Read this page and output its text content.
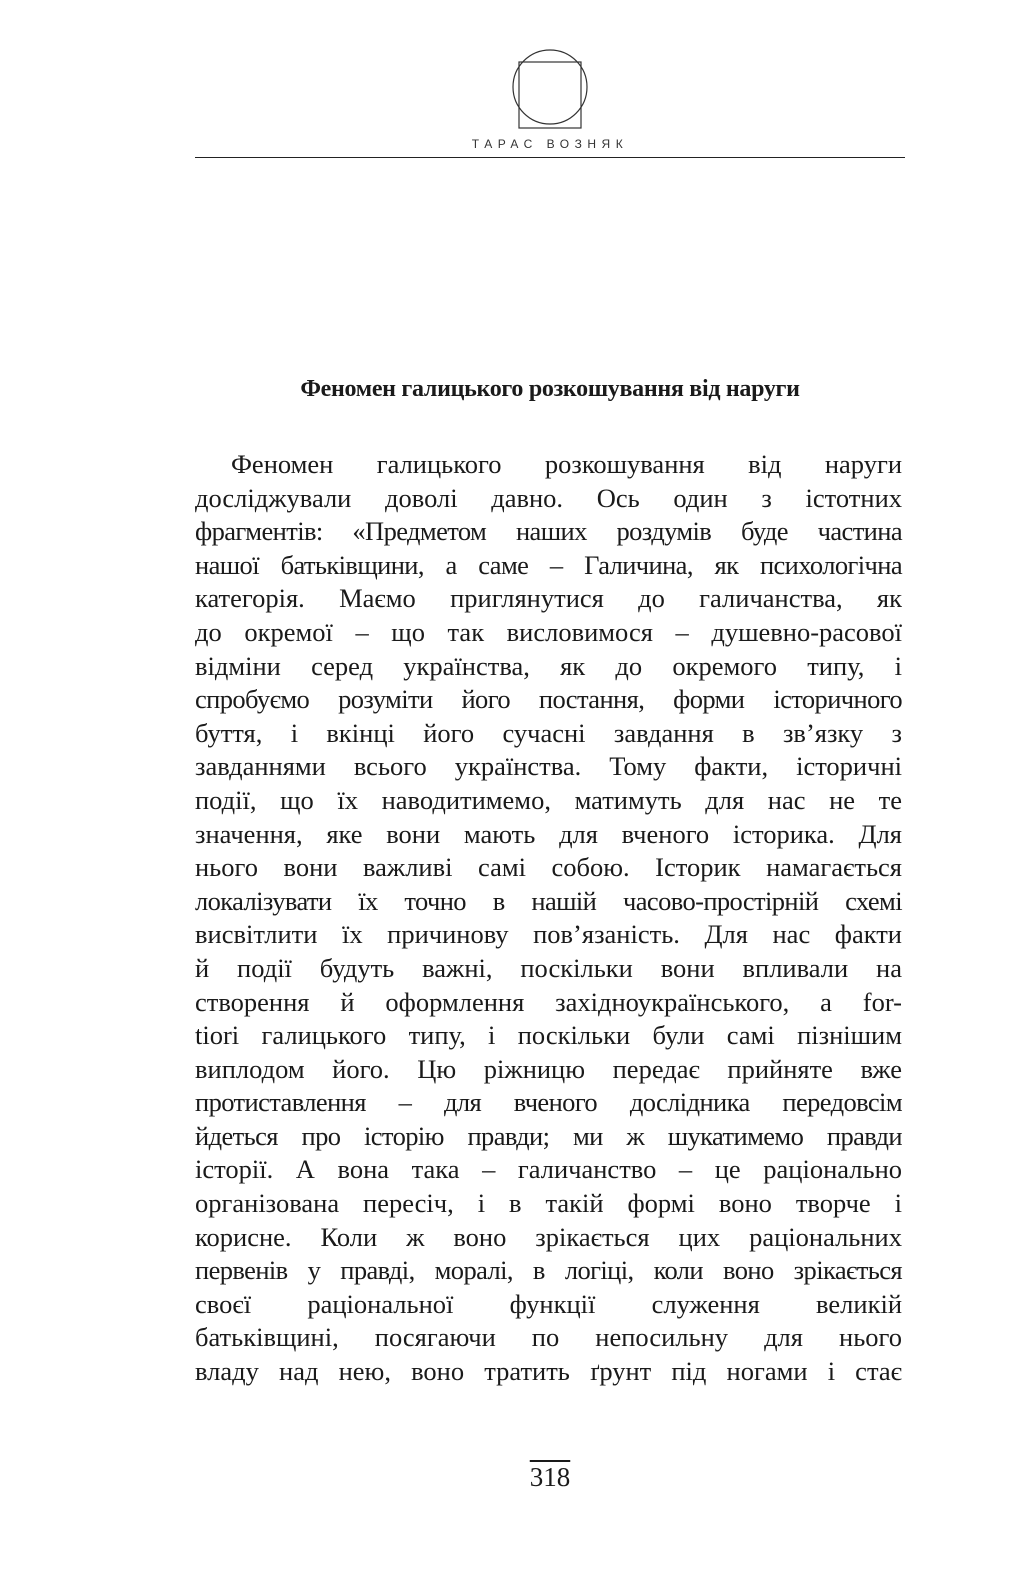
ТАРАС ВОЗНЯК
Феномен галицького розкошування від наруги
Феномен галицького розкошування від наруги
досліджували доволі давно. Ось один з істотних
фрагментів: «Предметом наших роздумів буде частина
нашої батьківщини, а саме – Галичина, як психологічна
категорія. Маємо приглянутися до галичанства, як
до окремої – що так висловимося – душевно-расової
відміни серед українства, як до окремого типу, і
спробуємо розуміти його постання, форми історичного
буття, і вкінці його сучасні завдання в зв’язку з
завданнями всього українства. Тому факти, історичні
події, що їх наводитимемо, матимуть для нас не те
значення, яке вони мають для вченого історика. Для
нього вони важливі самі собою. Історик намагається
локалізувати їх точно в нашій часово-простірній схемі
висвітлити їх причинову пов’язаність. Для нас факти
й події будуть важні, поскільки вони впливали на
створення й оформлення західноукраїнського, а for-
tiori галицького типу, і поскільки були самі пізнішим
виплодом його. Цю ріжницю передає прийняте вже
протиставлення – для вченого дослідника передовсім
йдеться про історію правди; ми ж шукатимемо правди
історії. А вона така – галичанство – це раціонально
організована пересіч, і в такій формі воно творче і
корисне. Коли ж воно зрікається цих раціональних
первенів у правді, моралі, в логіці, коли воно зрікається
своєї раціональної функції служення великій
батьківщині, посягаючи по непосильну для нього
владу над нею, воно тратить ґрунт під ногами і стає
318
